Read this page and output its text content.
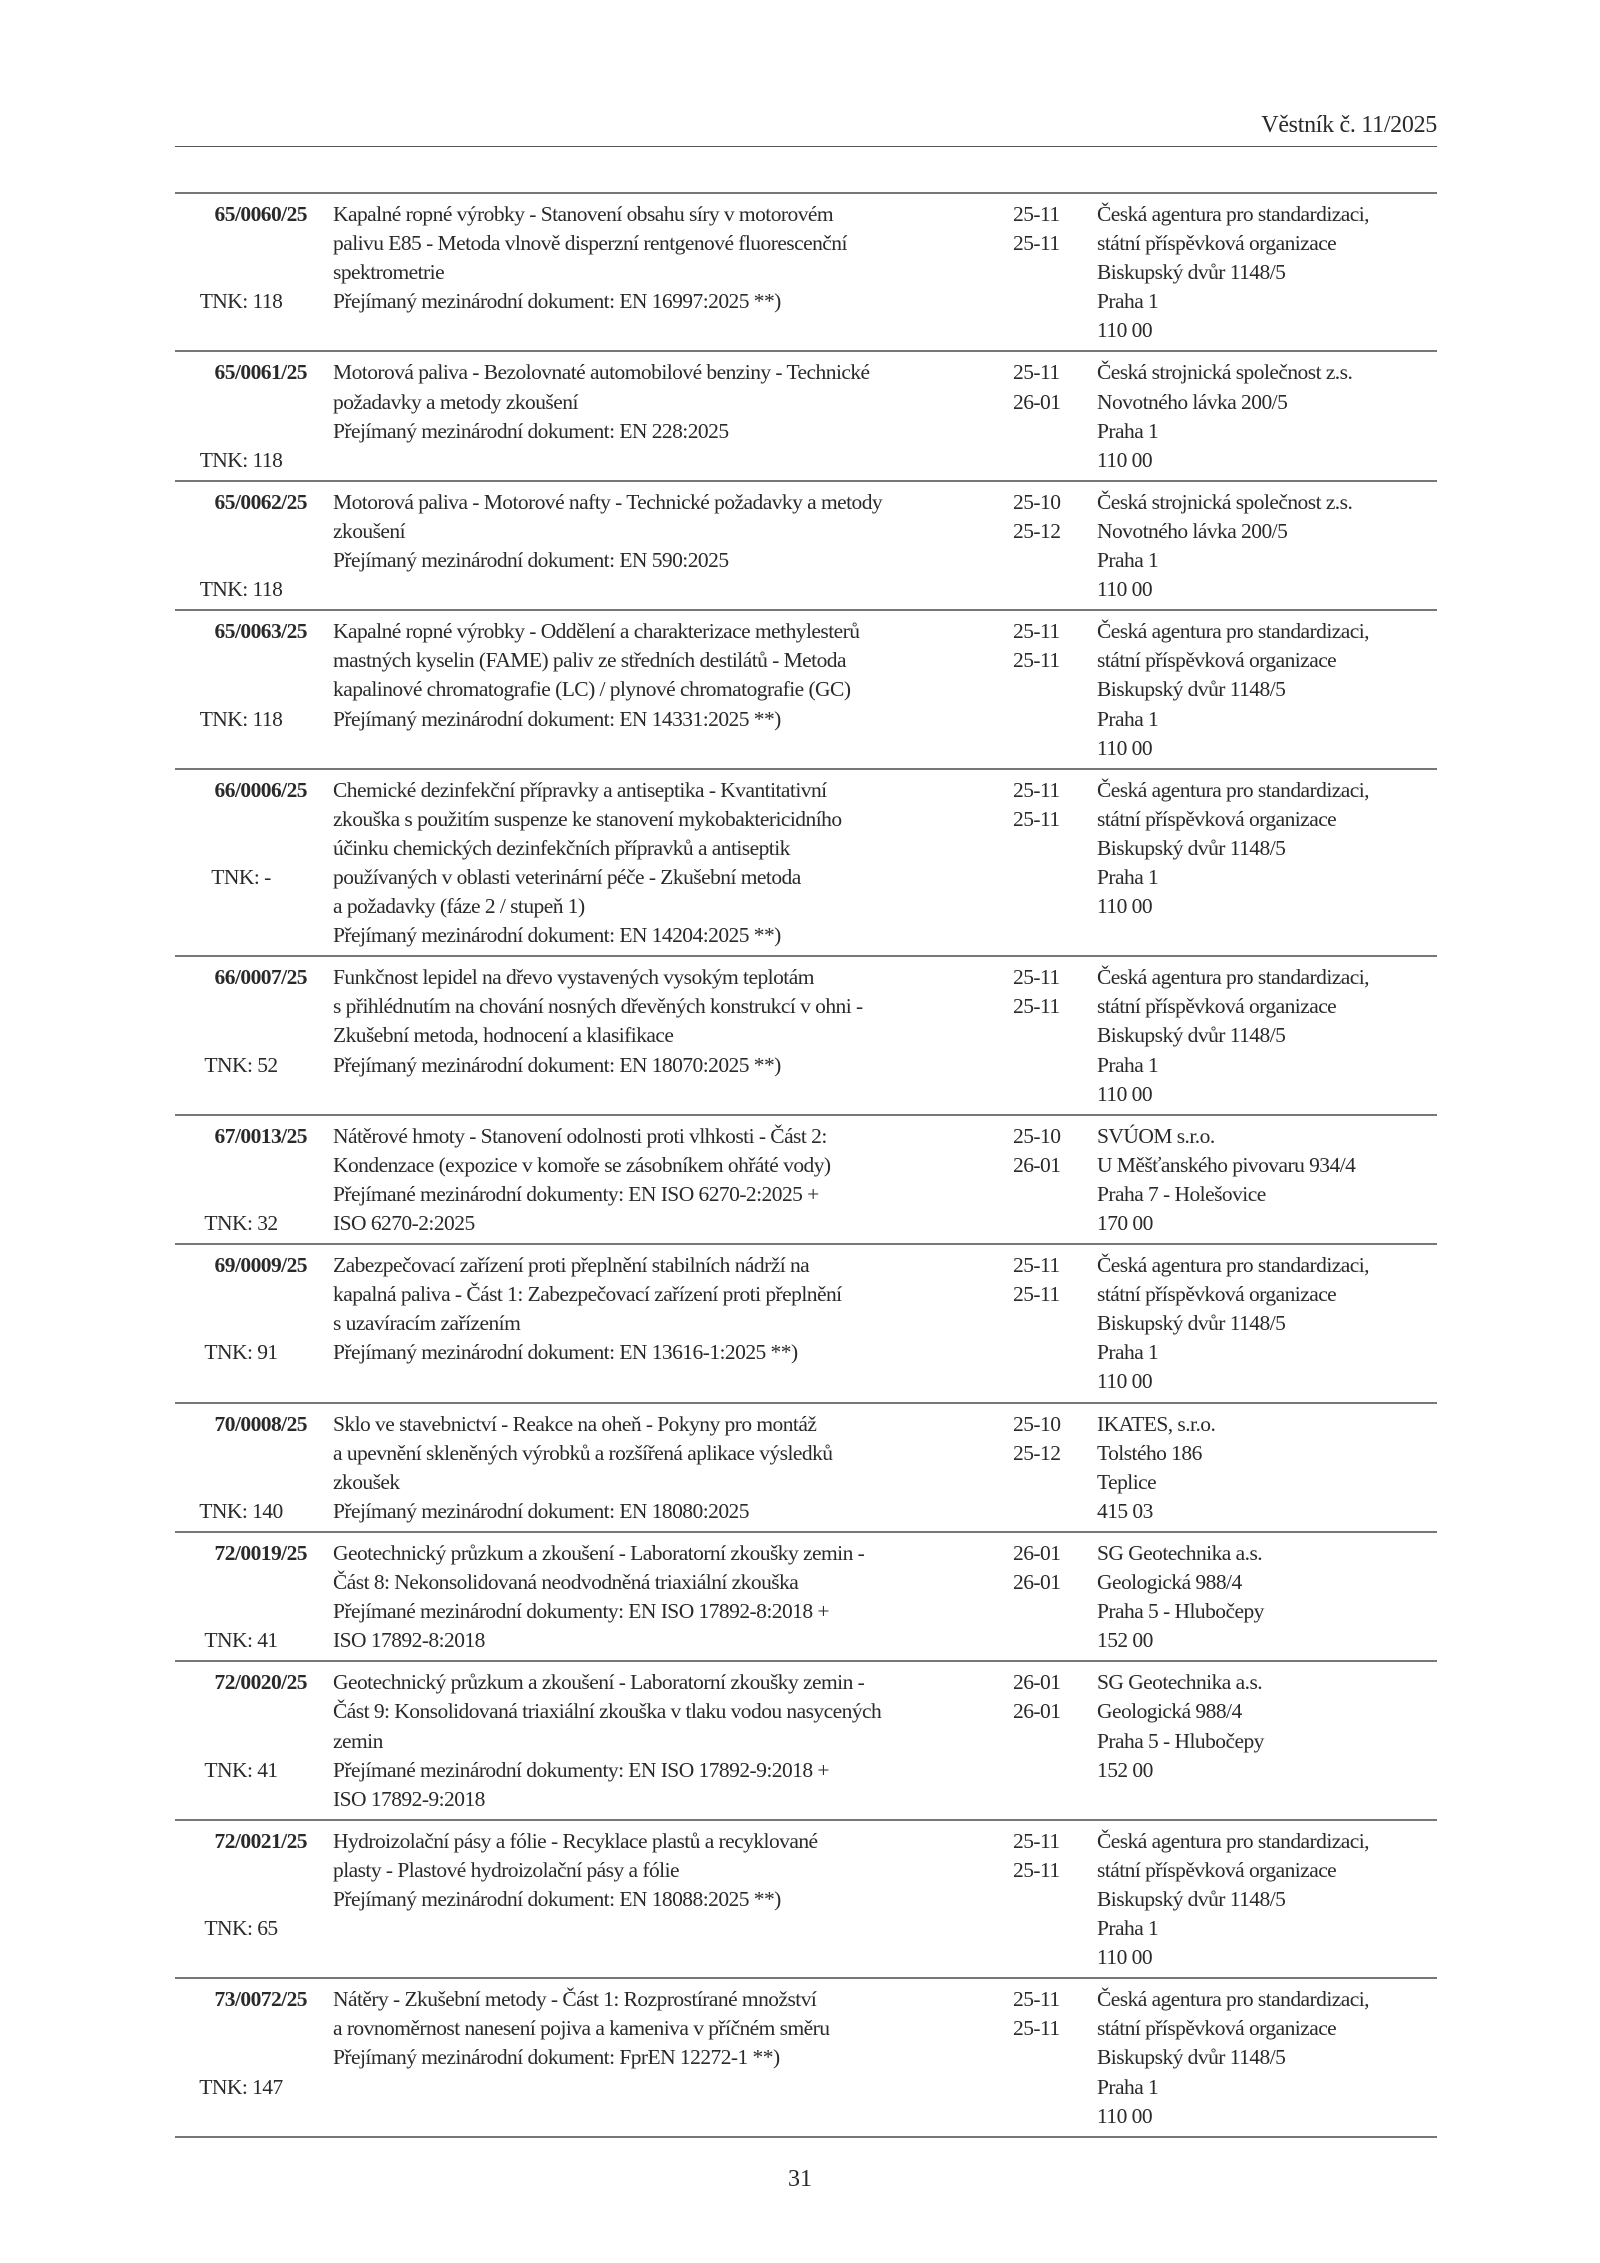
Věstník č. 11/2025
65/0060/25
TNK: 118
Kapalné ropné výrobky - Stanovení obsahu síry v motorovém
palivu E85 - Metoda vlnově disperzní rentgenové fluorescenční
spektrometrie
Přejímaný mezinárodní dokument: EN 16997:2025 **)
25-11
25-11
Česká agentura pro standardizaci,
státní příspěvková organizace
Biskupský dvůr 1148/5
Praha 1
110 00
65/0061/25
TNK: 118
Motorová paliva - Bezolovnaté automobilové benziny - Technické
požadavky a metody zkoušení
Přejímaný mezinárodní dokument: EN 228:2025
25-11
26-01
Česká strojnická společnost z.s.
Novotného lávka 200/5
Praha 1
110 00
65/0062/25
TNK: 118
Motorová paliva - Motorové nafty - Technické požadavky a metody
zkoušení
Přejímaný mezinárodní dokument: EN 590:2025
25-10
25-12
Česká strojnická společnost z.s.
Novotného lávka 200/5
Praha 1
110 00
65/0063/25
TNK: 118
Kapalné ropné výrobky - Oddělení a charakterizace methylesterů
mastných kyselin (FAME) paliv ze středních destilátů - Metoda
kapalinové chromatografie (LC) / plynové chromatografie (GC)
Přejímaný mezinárodní dokument: EN 14331:2025 **)
25-11
25-11
Česká agentura pro standardizaci,
státní příspěvková organizace
Biskupský dvůr 1148/5
Praha 1
110 00
66/0006/25
TNK: -
Chemické dezinfekční přípravky a antiseptika - Kvantitativní
zkouška s použitím suspenze ke stanovení mykobaktericidního
účinku chemických dezinfekčních přípravků a antiseptik
používaných v oblasti veterinární péče - Zkušební metoda
a požadavky (fáze 2 / stupeň 1)
Přejímaný mezinárodní dokument: EN 14204:2025 **)
25-11
25-11
Česká agentura pro standardizaci,
státní příspěvková organizace
Biskupský dvůr 1148/5
Praha 1
110 00
66/0007/25
TNK: 52
Funkčnost lepidel na dřevo vystavených vysokým teplotám
s přihlédnutím na chování nosných dřevěných konstrukcí v ohni -
Zkušební metoda, hodnocení a klasifikace
Přejímaný mezinárodní dokument: EN 18070:2025 **)
25-11
25-11
Česká agentura pro standardizaci,
státní příspěvková organizace
Biskupský dvůr 1148/5
Praha 1
110 00
67/0013/25
TNK: 32
Nátěrové hmoty - Stanovení odolnosti proti vlhkosti - Část 2:
Kondenzace (expozice v komoře se zásobníkem ohřáté vody)
Přejímané mezinárodní dokumenty: EN ISO 6270-2:2025 +
ISO 6270-2:2025
25-10
26-01
SVÚOM s.r.o.
U Měšťanského pivovaru 934/4
Praha 7 - Holešovice
170 00
69/0009/25
TNK: 91
Zabezpečovací zařízení proti přeplnění stabilních nádrží na
kapalná paliva - Část 1: Zabezpečovací zařízení proti přeplnění
s uzavíracím zařízením
Přejímaný mezinárodní dokument: EN 13616-1:2025 **)
25-11
25-11
Česká agentura pro standardizaci,
státní příspěvková organizace
Biskupský dvůr 1148/5
Praha 1
110 00
70/0008/25
TNK: 140
Sklo ve stavebnictví - Reakce na oheň - Pokyny pro montáž
a upevnění skleněných výrobků a rozšířená aplikace výsledků
zkoušek
Přejímaný mezinárodní dokument: EN 18080:2025
25-10
25-12
IKATES, s.r.o.
Tolstého 186
Teplice
415 03
72/0019/25
TNK: 41
Geotechnický průzkum a zkoušení - Laboratorní zkoušky zemin -
Část 8: Nekonsolidovaná neodvodněná triaxiální zkouška
Přejímané mezinárodní dokumenty: EN ISO 17892-8:2018 +
ISO 17892-8:2018
26-01
26-01
SG Geotechnika a.s.
Geologická 988/4
Praha 5 - Hlubočepy
152 00
72/0020/25
TNK: 41
Geotechnický průzkum a zkoušení - Laboratorní zkoušky zemin -
Část 9: Konsolidovaná triaxiální zkouška v tlaku vodou nasycených
zemin
Přejímané mezinárodní dokumenty: EN ISO 17892-9:2018 +
ISO 17892-9:2018
26-01
26-01
SG Geotechnika a.s.
Geologická 988/4
Praha 5 - Hlubočepy
152 00
72/0021/25
TNK: 65
Hydroizolační pásy a fólie - Recyklace plastů a recyklované
plasty - Plastové hydroizolační pásy a fólie
Přejímaný mezinárodní dokument: EN 18088:2025 **)
25-11
25-11
Česká agentura pro standardizaci,
státní příspěvková organizace
Biskupský dvůr 1148/5
Praha 1
110 00
73/0072/25
TNK: 147
Nátěry - Zkušební metody - Část 1: Rozprostírané množství
a rovnoměrnost nanesení pojiva a kameniva v příčném směru
Přejímaný mezinárodní dokument: FprEN 12272-1 **)
25-11
25-11
Česká agentura pro standardizaci,
státní příspěvková organizace
Biskupský dvůr 1148/5
Praha 1
110 00
31
